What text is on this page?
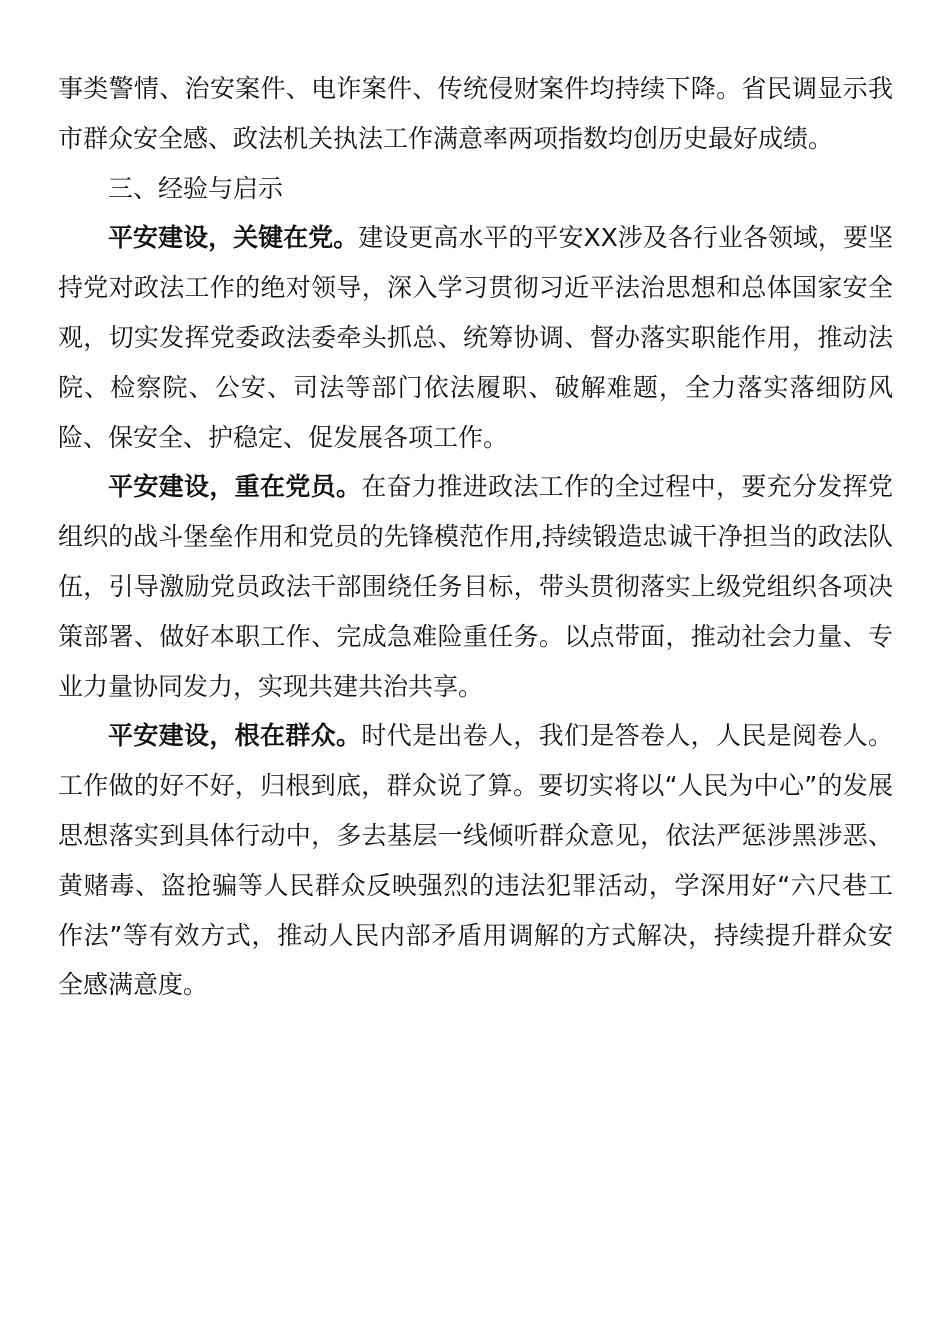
事类警情、治安案件、电诈案件、传统侵财案件均持续下降。省民调显示我市群众安全感、政法机关执法工作满意率两项指数均创历史最好成绩。

三、经验与启示

平安建设，关键在党。建设更高水平的平安XX涉及各行业各领域，要坚持党对政法工作的绝对领导，深入学习贯彻习近平法治思想和总体国家安全观，切实发挥党委政法委牵头抓总、统筹协调、督办落实职能作用，推动法院、检察院、公安、司法等部门依法履职、破解难题，全力落实落细防风险、保安全、护稳定、促发展各项工作。

平安建设，重在党员。在奋力推进政法工作的全过程中，要充分发挥党组织的战斗堡垒作用和党员的先锋模范作用,持续锻造忠诚干净担当的政法队伍，引导激励党员政法干部围绕任务目标，带头贯彻落实上级党组织各项决策部署、做好本职工作、完成急难险重任务。以点带面，推动社会力量、专业力量协同发力，实现共建共治共享。

平安建设，根在群众。时代是出卷人，我们是答卷人，人民是阅卷人。工作做的好不好，归根到底，群众说了算。要切实将以“人民为中心”的发展思想落实到具体行动中，多去基层一线倾听群众意见，依法严惩涉黑涉恶、黄赌毒、盗抢骗等人民群众反映强烈的违法犯罪活动，学深用好“六尺巷工作法”等有效方式，推动人民内部矛盾用调解的方式解决，持续提升群众安全感满意度。
